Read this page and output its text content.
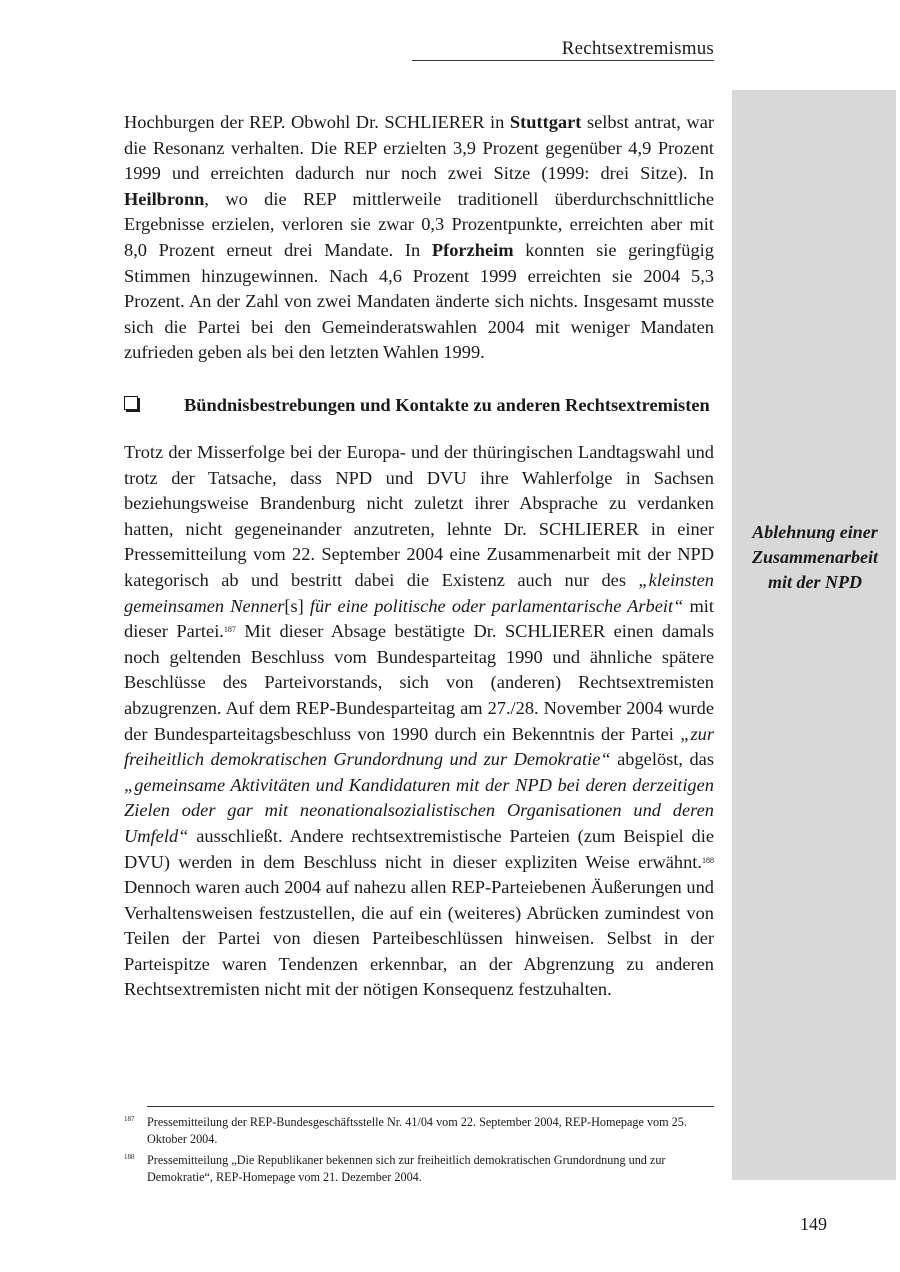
Rechtsextremismus
Ablehnung einer
Zusammenarbeit
mit der NPD

Hochburgen der REP. Obwohl Dr. SCHLIERER in Stuttgart selbst antrat, war die Resonanz verhalten. Die REP erzielten 3,9 Prozent gegenüber 4,9 Prozent 1999 und erreichten dadurch nur noch zwei Sitze (1999: drei Sitze). In Heilbronn, wo die REP mittlerweile traditionell überdurchschnittliche Ergebnisse erzielen, verloren sie zwar 0,3 Prozentpunkte, erreichten aber mit 8,0 Prozent erneut drei Mandate. In Pforzheim konnten sie geringfügig Stimmen hinzugewinnen. Nach 4,6 Prozent 1999 erreichten sie 2004 5,3 Prozent. An der Zahl von zwei Mandaten änderte sich nichts. Insgesamt musste sich die Partei bei den Gemeinderatswahlen 2004 mit weniger Mandaten zufrieden geben als bei den letzten Wahlen 1999.

Bündnisbestrebungen und Kontakte zu anderen Rechtsextremisten

Trotz der Misserfolge bei der Europa- und der thüringischen Landtagswahl und trotz der Tatsache, dass NPD und DVU ihre Wahlerfolge in Sachsen beziehungsweise Brandenburg nicht zuletzt ihrer Absprache zu verdanken hatten, nicht gegeneinander anzutreten, lehnte Dr. SCHLIERER in einer Pressemitteilung vom 22. September 2004 eine Zusammenarbeit mit der NPD kategorisch ab und bestritt dabei die Existenz auch nur des „kleinsten gemeinsamen Nenner[s] für eine politische oder parlamentarische Arbeit“ mit dieser Partei.$^{187}$ Mit dieser Absage bestätigte Dr. SCHLIERER einen damals noch geltenden Beschluss vom Bundesparteitag 1990 und ähnliche spätere Beschlüsse des Parteivorstands, sich von (anderen) Rechtsextremisten abzugrenzen. Auf dem REP-Bundesparteitag am 27./28. November 2004 wurde der Bundesparteitagsbeschluss von 1990 durch ein Bekenntnis der Partei „zur freiheitlich demokratischen Grundordnung und zur Demokratie“ abgelöst, das „gemeinsame Aktivitäten und Kandidaturen mit der NPD bei deren derzeitigen Zielen oder gar mit neonationalsozialistischen Organisationen und deren Umfeld“ ausschließt. Andere rechtsextremistische Parteien (zum Beispiel die DVU) werden in dem Beschluss nicht in dieser expliziten Weise erwähnt.$^{188}$ Dennoch waren auch 2004 auf nahezu allen REP-Parteiebenen Äußerungen und Verhaltensweisen festzustellen, die auf ein (weiteres) Abrücken zumindest von Teilen der Partei von diesen Parteibeschlüssen hinweisen. Selbst in der Parteispitze waren Tendenzen erkennbar, an der Abgrenzung zu anderen Rechtsextremisten nicht mit der nötigen Konsequenz festzuhalten.

187 Pressemitteilung der REP-Bundesgeschäftsstelle Nr. 41/04 vom 22. September 2004, REP-Homepage vom 25. Oktober 2004.
188 Pressemitteilung „Die Republikaner bekennen sich zur freiheitlich demokratischen Grundordnung und zur Demokratie“, REP-Homepage vom 21. Dezember 2004.
149
